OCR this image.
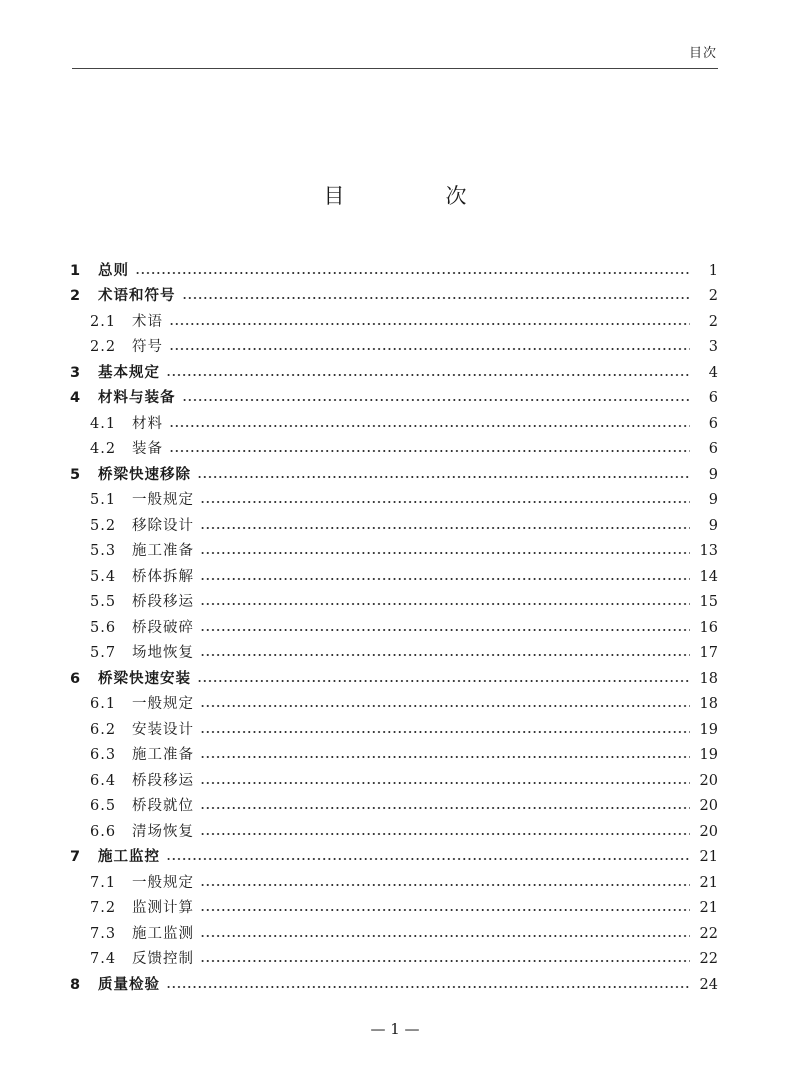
目次
目　次
1	总则	1
2	术语和符号	2
2.1	术语	2
2.2	符号	3
3	基本规定	4
4	材料与装备	6
4.1	材料	6
4.2	装备	6
5	桥梁快速移除	9
5.1	一般规定	9
5.2	移除设计	9
5.3	施工准备	13
5.4	桥体拆解	14
5.5	桥段移运	15
5.6	桥段破碎	16
5.7	场地恢复	17
6	桥梁快速安装	18
6.1	一般规定	18
6.2	安装设计	19
6.3	施工准备	19
6.4	桥段移运	20
6.5	桥段就位	20
6.6	清场恢复	20
7	施工监控	21
7.1	一般规定	21
7.2	监测计算	21
7.3	施工监测	22
7.4	反馈控制	22
8	质量检验	24
— 1 —
